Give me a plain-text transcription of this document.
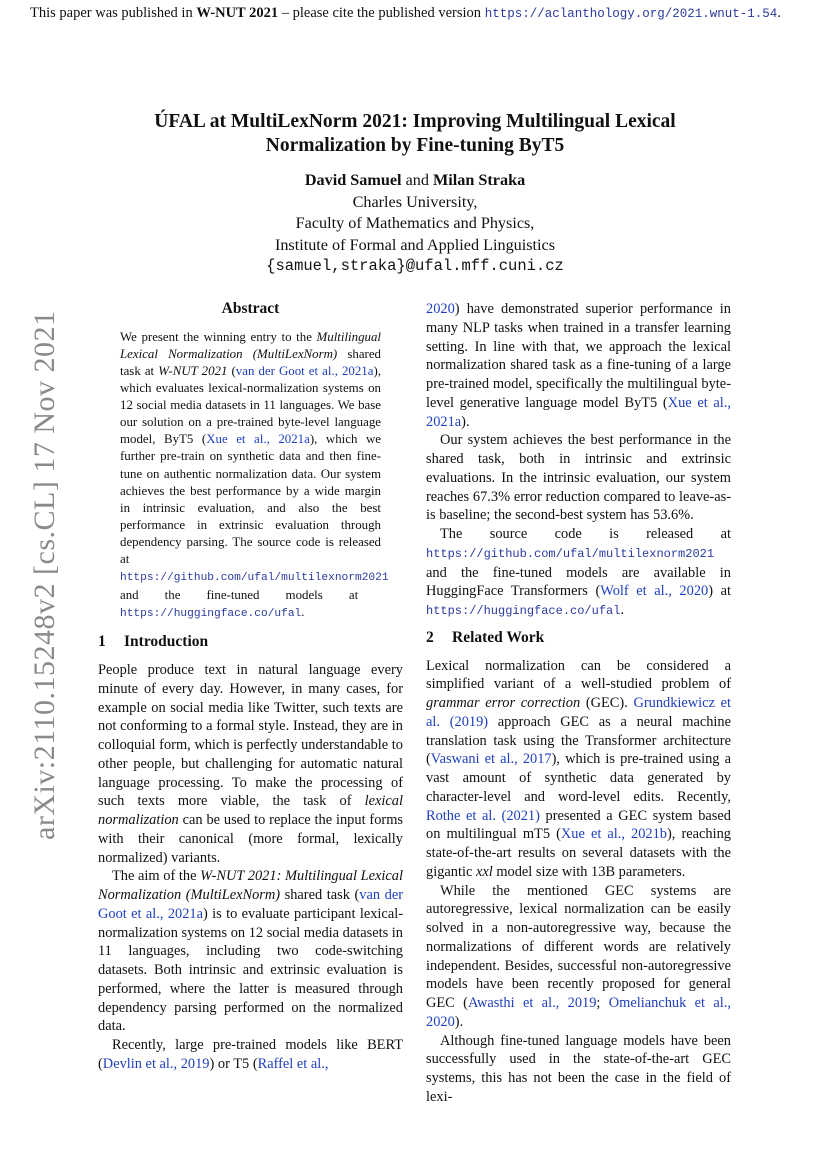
This paper was published in W-NUT 2021 – please cite the published version https://aclanthology.org/2021.wnut-1.54.
arXiv:2110.15248v2 [cs.CL] 17 Nov 2021
ÚFAL at MultiLexNorm 2021: Improving Multilingual Lexical
Normalization by Fine-tuning ByT5
David Samuel and Milan Straka
Charles University,
Faculty of Mathematics and Physics,
Institute of Formal and Applied Linguistics
{samuel,straka}@ufal.mff.cuni.cz
Abstract
We present the winning entry to the Multilingual Lexical Normalization (MultiLexNorm) shared task at W-NUT 2021 (van der Goot et al., 2021a), which evaluates lexical-normalization systems on 12 social media datasets in 11 languages. We base our solution on a pre-trained byte-level language model, ByT5 (Xue et al., 2021a), which we further pre-train on synthetic data and then fine-tune on authentic normalization data. Our system achieves the best performance by a wide margin in intrinsic evaluation, and also the best performance in extrinsic evaluation through dependency parsing. The source code is released at https://github.com/ufal/multilexnorm2021 and the fine-tuned models at https://huggingface.co/ufal.
1 Introduction

People produce text in natural language every minute of every day. However, in many cases, for example on social media like Twitter, such texts are not conforming to a formal style. Instead, they are in colloquial form, which is perfectly understandable to other people, but challenging for automatic natural language processing. To make the processing of such texts more viable, the task of lexical normalization can be used to replace the input forms with their canonical (more formal, lexically normalized) variants.

The aim of the W-NUT 2021: Multilingual Lexical Normalization (MultiLexNorm) shared task (van der Goot et al., 2021a) is to evaluate participant lexical-normalization systems on 12 social media datasets in 11 languages, including two code-switching datasets. Both intrinsic and extrinsic evaluation is performed, where the latter is measured through dependency parsing performed on the normalized data.

Recently, large pre-trained models like BERT (Devlin et al., 2019) or T5 (Raffel et al.,

2020) have demonstrated superior performance in many NLP tasks when trained in a transfer learning setting. In line with that, we approach the lexical normalization shared task as a fine-tuning of a large pre-trained model, specifically the multilingual byte-level generative language model ByT5 (Xue et al., 2021a).

Our system achieves the best performance in the shared task, both in intrinsic and extrinsic evaluations. In the intrinsic evaluation, our system reaches 67.3% error reduction compared to leave-as-is baseline; the second-best system has 53.6%.

The source code is released at https://github.com/ufal/multilexnorm2021 and the fine-tuned models are available in HuggingFace Transformers (Wolf et al., 2020) at https://huggingface.co/ufal.

2 Related Work

Lexical normalization can be considered a simplified variant of a well-studied problem of grammar error correction (GEC). Grundkiewicz et al. (2019) approach GEC as a neural machine translation task using the Transformer architecture (Vaswani et al., 2017), which is pre-trained using a vast amount of synthetic data generated by character-level and word-level edits. Recently, Rothe et al. (2021) presented a GEC system based on multilingual mT5 (Xue et al., 2021b), reaching state-of-the-art results on several datasets with the gigantic xxl model size with 13B parameters.

While the mentioned GEC systems are autoregressive, lexical normalization can be easily solved in a non-autoregressive way, because the normalizations of different words are relatively independent. Besides, successful non-autoregressive models have been recently proposed for general GEC (Awasthi et al., 2019; Omelianchuk et al., 2020).

Although fine-tuned language models have been successfully used in the state-of-the-art GEC systems, this has not been the case in the field of lexi-
